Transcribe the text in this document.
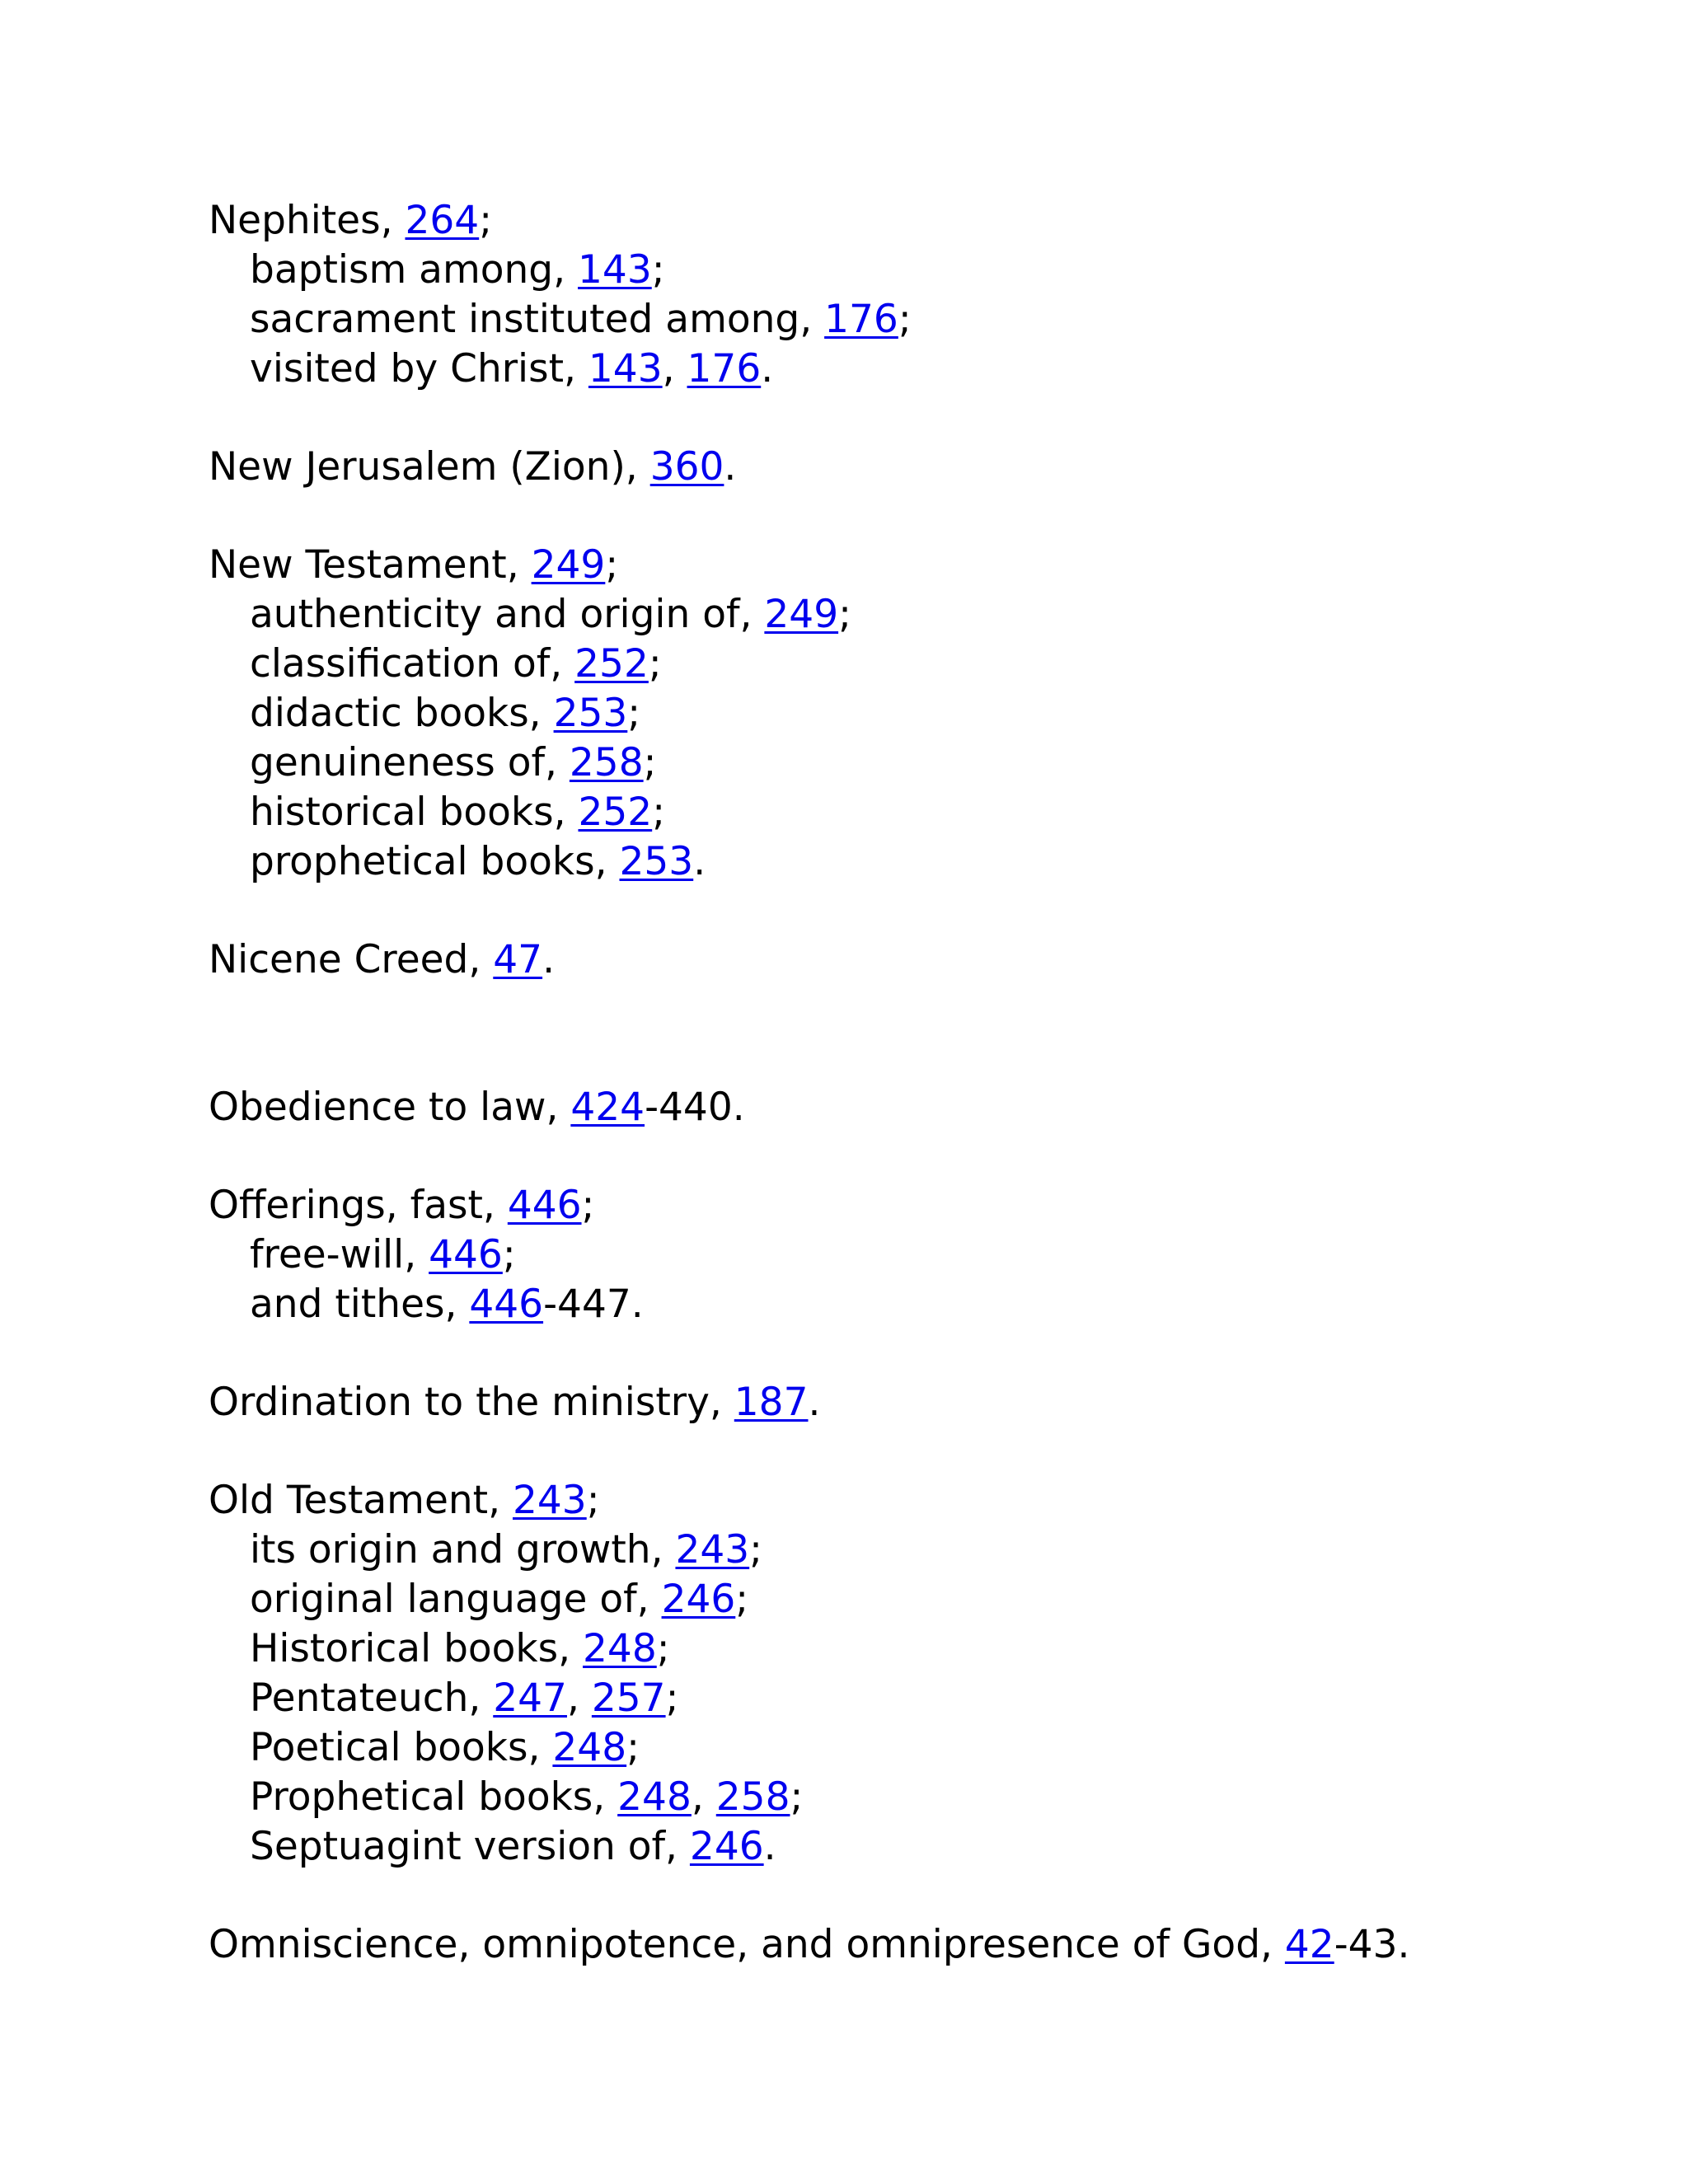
Nephites, 264;
baptism among, 143;
sacrament instituted among, 176;
visited by Christ, 143, 176.
New Jerusalem (Zion), 360.
New Testament, 249;
authenticity and origin of, 249;
classification of, 252;
didactic books, 253;
genuineness of, 258;
historical books, 252;
prophetical books, 253.
Nicene Creed, 47.
Obedience to law, 424-440.
Offerings, fast, 446;
free-will, 446;
and tithes, 446-447.
Ordination to the ministry, 187.
Old Testament, 243;
its origin and growth, 243;
original language of, 246;
Historical books, 248;
Pentateuch, 247, 257;
Poetical books, 248;
Prophetical books, 248, 258;
Septuagint version of, 246.
Omniscience, omnipotence, and omnipresence of God, 42-43.
